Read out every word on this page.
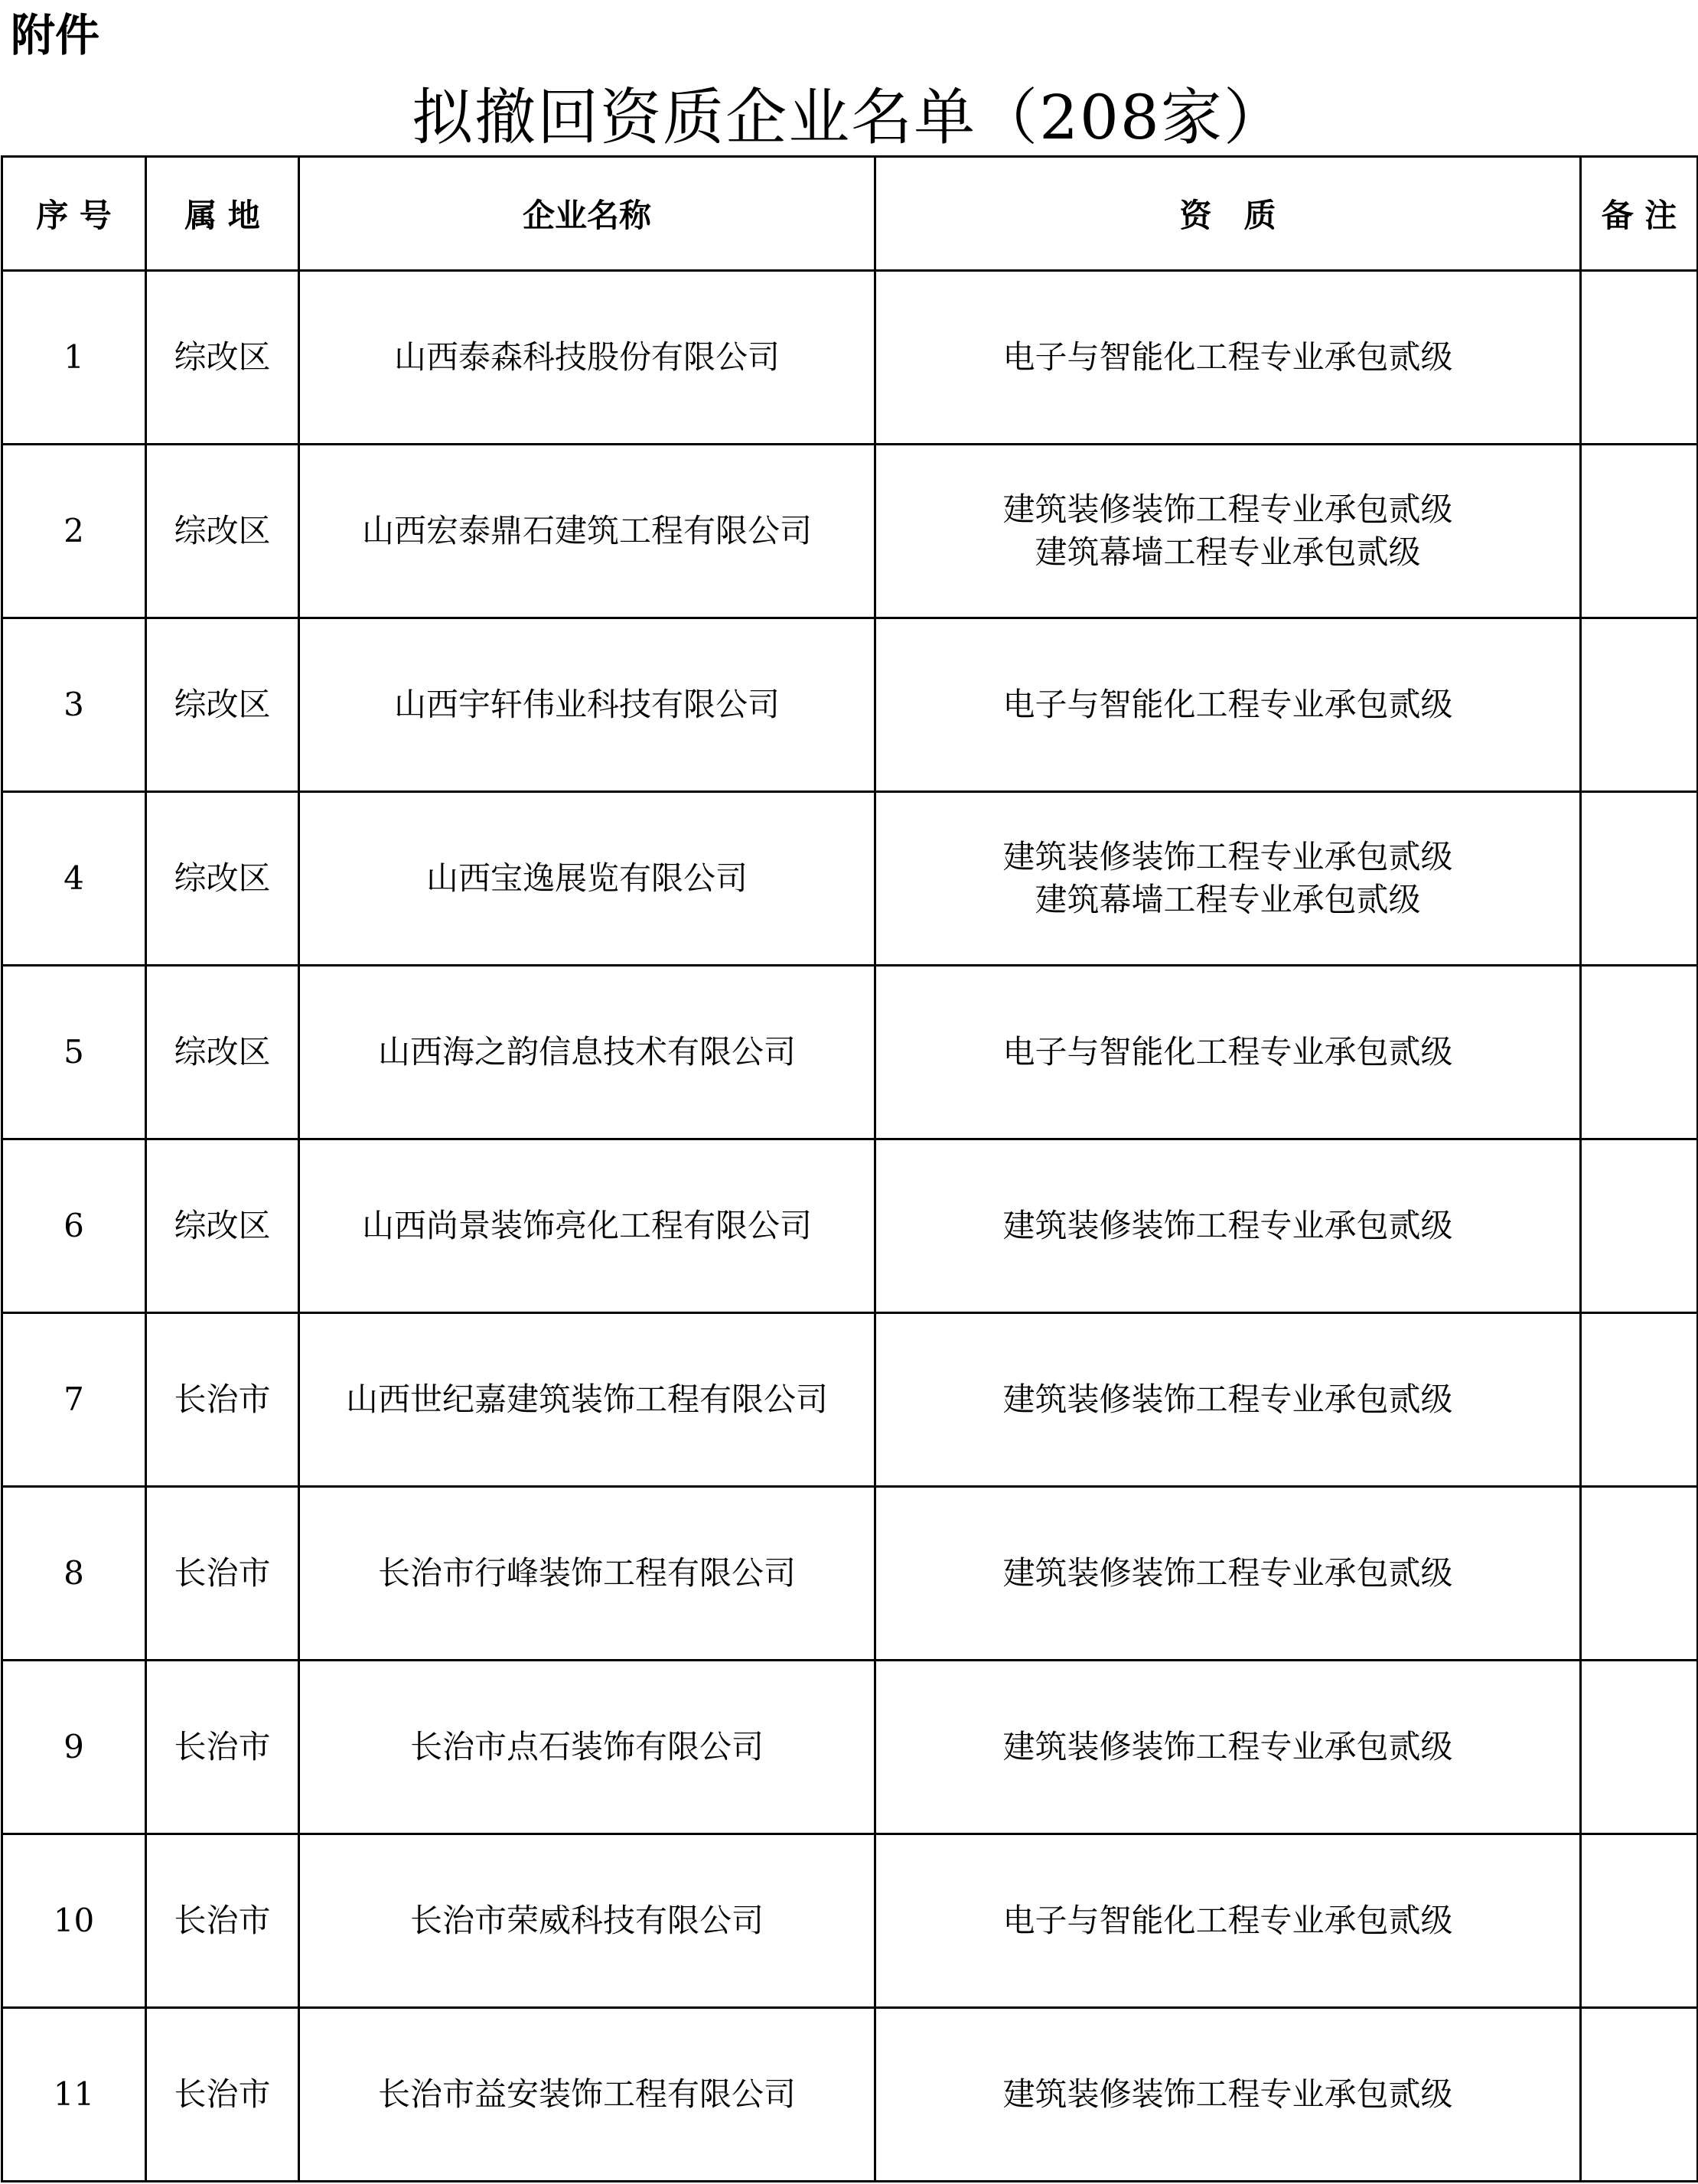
附件
拟撤回资质企业名单（208家）
序 号	属 地	企业名称	资　质	备 注
1	综改区	山西泰森科技股份有限公司	电子与智能化工程专业承包贰级	

2	综改区	山西宏泰鼎石建筑工程有限公司	建筑装修装饰工程专业承包贰级
建筑幕墙工程专业承包贰级	

3	综改区	山西宇轩伟业科技有限公司	电子与智能化工程专业承包贰级	

4	综改区	山西宝逸展览有限公司	建筑装修装饰工程专业承包贰级
建筑幕墙工程专业承包贰级	

5	综改区	山西海之韵信息技术有限公司	电子与智能化工程专业承包贰级	

6	综改区	山西尚景装饰亮化工程有限公司	建筑装修装饰工程专业承包贰级	

7	长治市	山西世纪嘉建筑装饰工程有限公司	建筑装修装饰工程专业承包贰级	

8	长治市	长治市行峰装饰工程有限公司	建筑装修装饰工程专业承包贰级	

9	长治市	长治市点石装饰有限公司	建筑装修装饰工程专业承包贰级	

10	长治市	长治市荣威科技有限公司	电子与智能化工程专业承包贰级	

11	长治市	长治市益安装饰工程有限公司	建筑装修装饰工程专业承包贰级	
